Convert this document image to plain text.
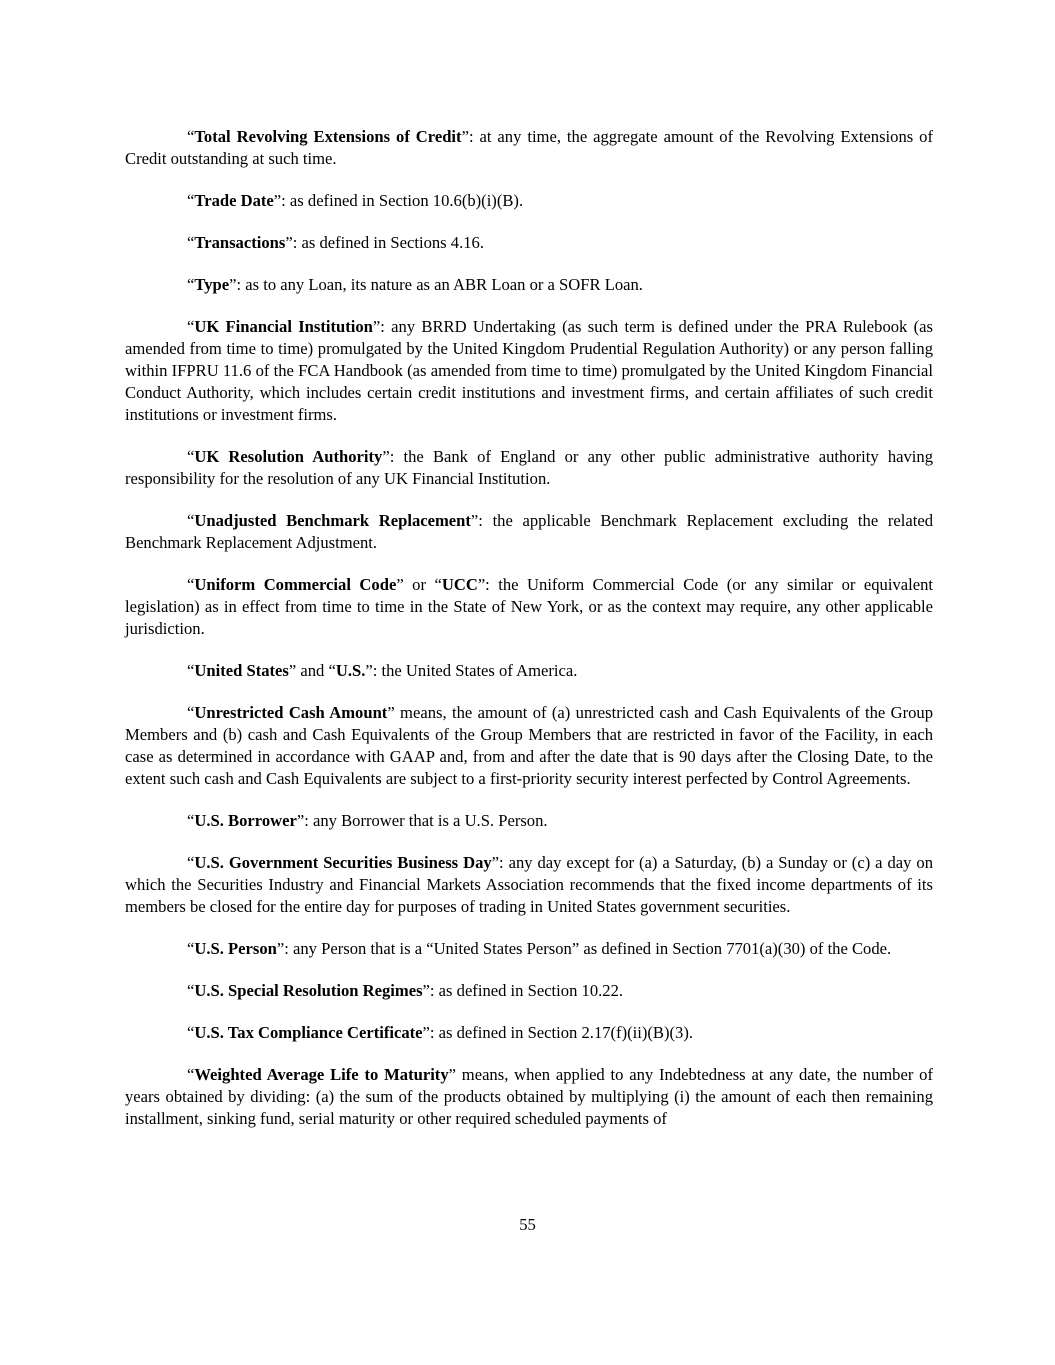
“Total Revolving Extensions of Credit”: at any time, the aggregate amount of the Revolving Extensions of Credit outstanding at such time.

“Trade Date”: as defined in Section 10.6(b)(i)(B).

“Transactions”: as defined in Sections 4.16.

“Type”: as to any Loan, its nature as an ABR Loan or a SOFR Loan.

“UK Financial Institution”: any BRRD Undertaking (as such term is defined under the PRA Rulebook (as amended from time to time) promulgated by the United Kingdom Prudential Regulation Authority) or any person falling within IFPRU 11.6 of the FCA Handbook (as amended from time to time) promulgated by the United Kingdom Financial Conduct Authority, which includes certain credit institutions and investment firms, and certain affiliates of such credit institutions or investment firms.

“UK Resolution Authority”: the Bank of England or any other public administrative authority having responsibility for the resolution of any UK Financial Institution.

“Unadjusted Benchmark Replacement”: the applicable Benchmark Replacement excluding the related Benchmark Replacement Adjustment.

“Uniform Commercial Code” or “UCC”: the Uniform Commercial Code (or any similar or equivalent legislation) as in effect from time to time in the State of New York, or as the context may require, any other applicable jurisdiction.

“United States” and “U.S.”: the United States of America.

“Unrestricted Cash Amount” means, the amount of (a) unrestricted cash and Cash Equivalents of the Group Members and (b) cash and Cash Equivalents of the Group Members that are restricted in favor of the Facility, in each case as determined in accordance with GAAP and, from and after the date that is 90 days after the Closing Date, to the extent such cash and Cash Equivalents are subject to a first-priority security interest perfected by Control Agreements.

“U.S. Borrower”: any Borrower that is a U.S. Person.

“U.S. Government Securities Business Day”: any day except for (a) a Saturday, (b) a Sunday or (c) a day on which the Securities Industry and Financial Markets Association recommends that the fixed income departments of its members be closed for the entire day for purposes of trading in United States government securities.

“U.S. Person”: any Person that is a “United States Person” as defined in Section 7701(a)(30) of the Code.

“U.S. Special Resolution Regimes”: as defined in Section 10.22.

“U.S. Tax Compliance Certificate”: as defined in Section 2.17(f)(ii)(B)(3).

“Weighted Average Life to Maturity” means, when applied to any Indebtedness at any date, the number of years obtained by dividing: (a) the sum of the products obtained by multiplying (i) the amount of each then remaining installment, sinking fund, serial maturity or other required scheduled payments of

55
